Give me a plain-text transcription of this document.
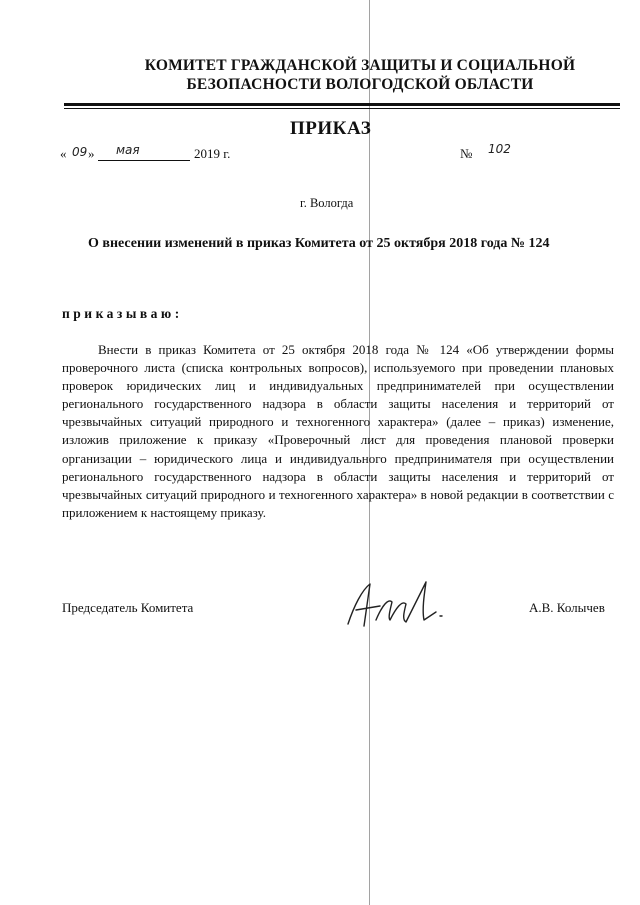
КОМИТЕТ ГРАЖДАНСКОЙ ЗАЩИТЫ И СОЦИАЛЬНОЙ
БЕЗОПАСНОСТИ ВОЛОГОДСКОЙ ОБЛАСТИ
ПРИКАЗ
« 09 » мая	2019 г.	№ 102
г. Вологда
О внесении изменений в приказ Комитета от 25 октября 2018 года № 124
приказываю:
Внести в приказ Комитета от 25 октября 2018 года № 124 «Об утверждении формы проверочного листа (списка контрольных вопросов), используемого при проведении плановых проверок юридических лиц и индивидуальных предпринимателей при осуществлении регионального государственного надзора в области защиты населения и территорий от чрезвычайных ситуаций природного и техногенного характера» (далее – приказ) изменение, изложив приложение к приказу «Проверочный лист для проведения плановой проверки организации – юридического лица и индивидуального предпринимателя при осуществлении регионального государственного надзора в области защиты населения и территорий от чрезвычайных ситуаций природного и техногенного характера» в новой редакции в соответствии с приложением к настоящему приказу.
Председатель Комитета	А.В. Колычев
